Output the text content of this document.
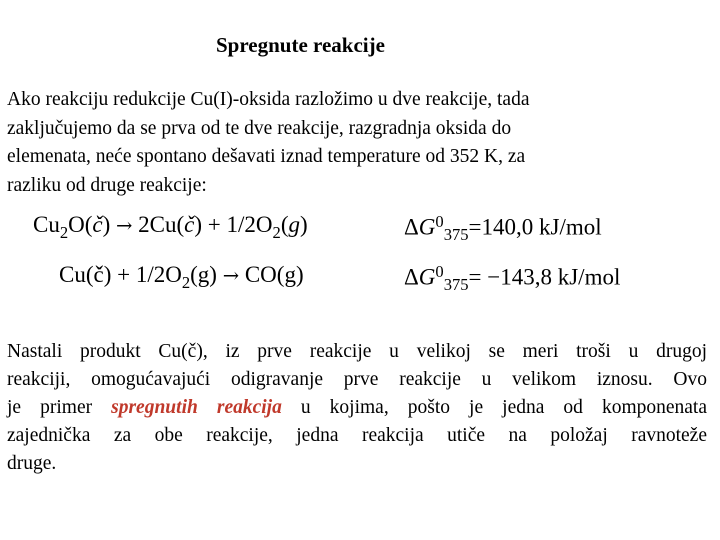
Spregnute reakcije
Ako reakciju redukcije Cu(I)-oksida razložimo u dve reakcije, tada
zaključujemo da se prva od te dve reakcije, razgradnja oksida do
elemenata, neće spontano dešavati iznad temperature od 352 K, za
razliku od druge reakcije:
$Cu_2O(č)$ → 2Cu(č) + $1/2O_2(g)$	$\Delta G^0_{375}=140,0$ kJ/mol
Cu(č) + $1/2O_2(g) \to CO(g)$	$\Delta G^0_{375}= -143,8$ kJ/mol
Nastali produkt Cu(č), iz prve reakcije u velikoj se meri troši u drugoj
reakciji, omogućavajući odigravanje prve reakcije u velikom iznosu. Ovo
je primer spregnutih reakcija u kojima, pošto je jedna od komponenata
zajednička za obe reakcije, jedna reakcija utiče na položaj ravnoteže
druge.
